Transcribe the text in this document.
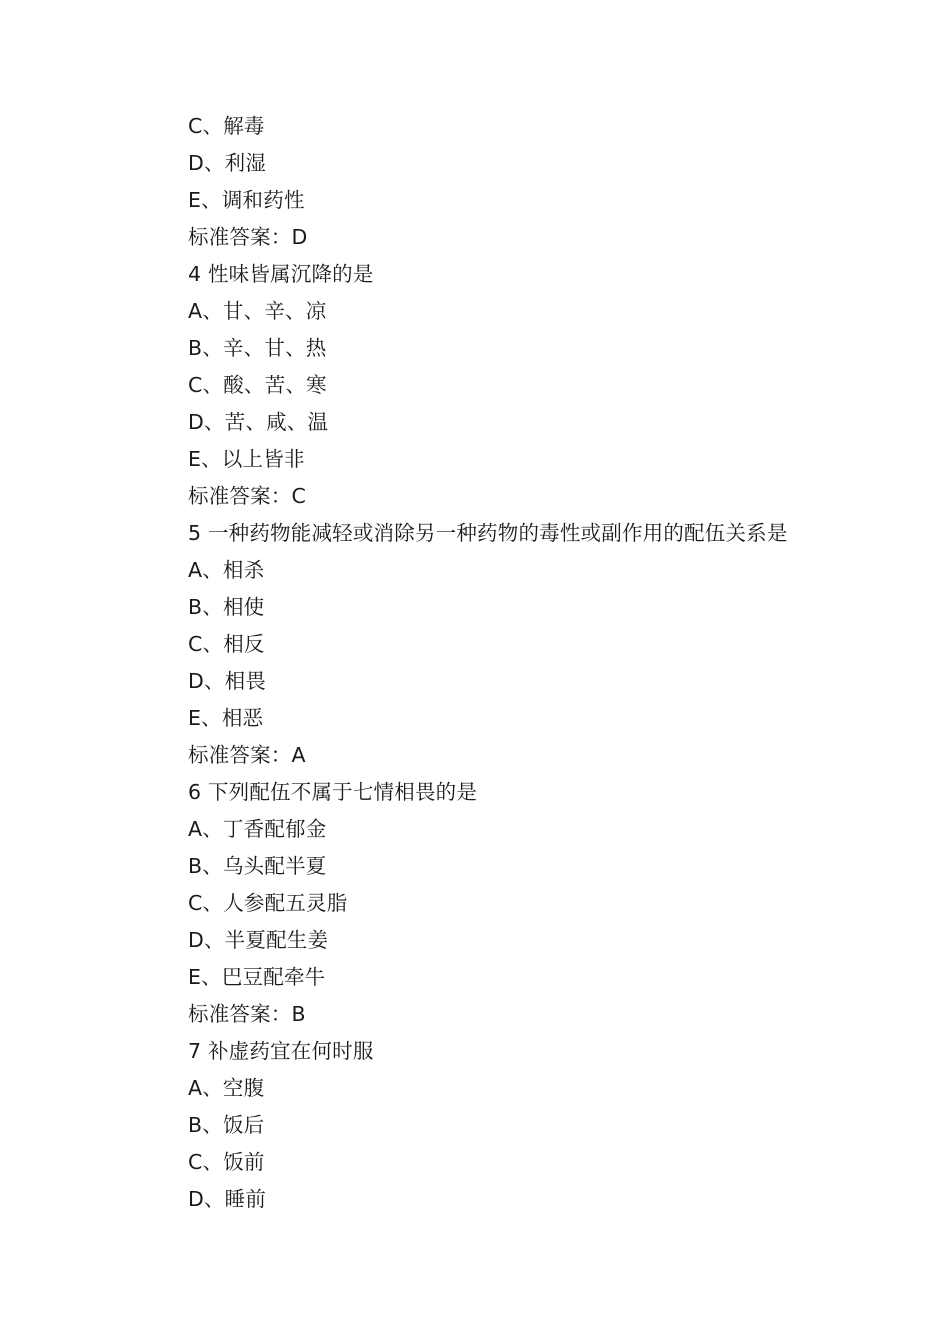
C、解毒
D、利湿
E、调和药性
标准答案：D
4 性味皆属沉降的是
A、甘、辛、凉
B、辛、甘、热
C、酸、苦、寒
D、苦、咸、温
E、以上皆非
标准答案：C
5 一种药物能减轻或消除另一种药物的毒性或副作用的配伍关系是
A、相杀
B、相使
C、相反
D、相畏
E、相恶
标准答案：A
6 下列配伍不属于七情相畏的是
A、丁香配郁金
B、乌头配半夏
C、人参配五灵脂
D、半夏配生姜
E、巴豆配牵牛
标准答案：B
7 补虚药宜在何时服
A、空腹
B、饭后
C、饭前
D、睡前
